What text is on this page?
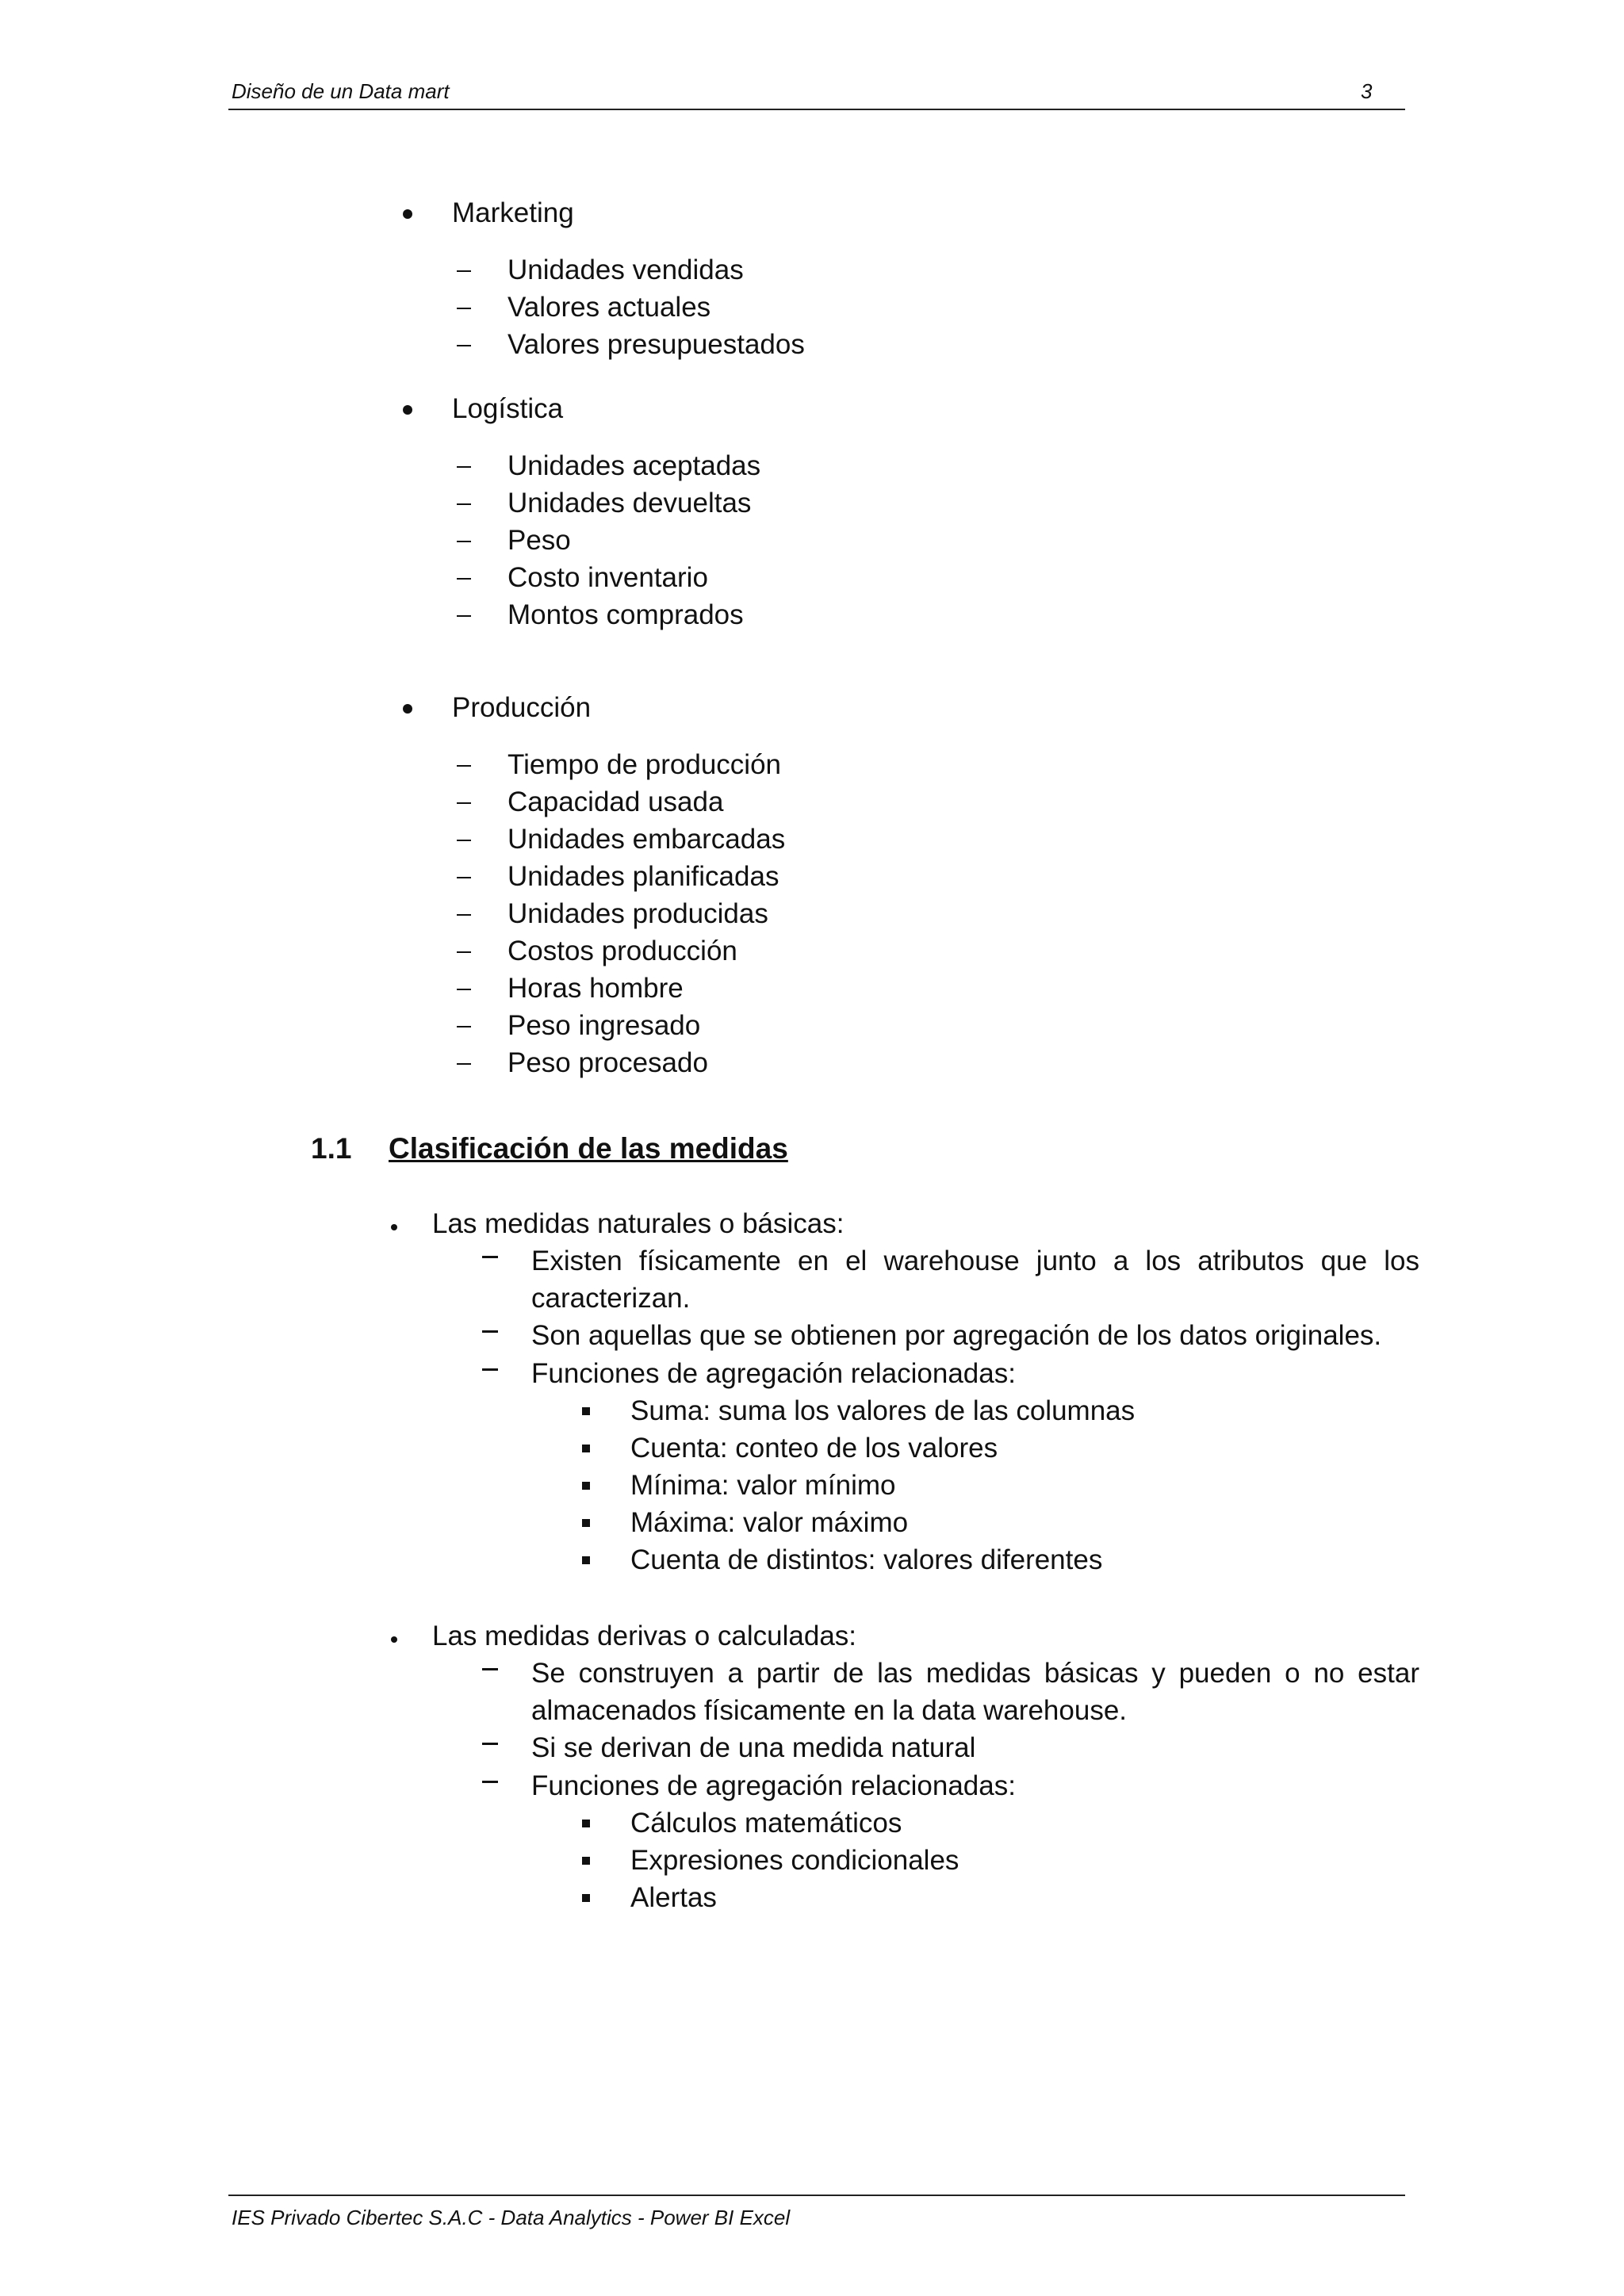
Diseño de un Data mart	3
Marketing
Unidades vendidas
Valores actuales
Valores presupuestados
Logística
Unidades aceptadas
Unidades devueltas
Peso
Costo inventario
Montos comprados
Producción
Tiempo de producción
Capacidad usada
Unidades embarcadas
Unidades planificadas
Unidades producidas
Costos producción
Horas hombre
Peso ingresado
Peso procesado
1.1 Clasificación de las medidas
Las medidas naturales o básicas:
Existen físicamente en el warehouse junto a los atributos que los
caracterizan.
Son aquellas que se obtienen por agregación de los datos originales.
Funciones de agregación relacionadas:
Suma: suma los valores de las columnas
Cuenta: conteo de los valores
Mínima: valor mínimo
Máxima: valor máximo
Cuenta de distintos: valores diferentes
Las medidas derivas o calculadas:
Se construyen a partir de las medidas básicas y pueden o no estar
almacenados físicamente en la data warehouse.
Si se derivan de una medida natural
Funciones de agregación relacionadas:
Cálculos matemáticos
Expresiones condicionales
Alertas
IES Privado Cibertec S.A.C - Data Analytics - Power BI Excel
